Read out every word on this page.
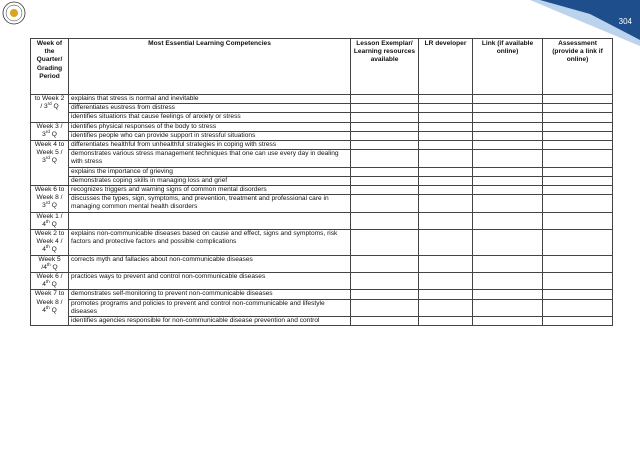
304
Week of the Quarter/ Grading Period	Most Essential Learning Competencies	Lesson Exemplar/ Learning resources available	LR developer	Link (if available online)	Assessment (provide a link if online)
to Week 2 / 3rd Q	explains that stress is normal and inevitable				
	differentiates eustress from distress				
	identifies situations that cause feelings of anxiety or stress				
Week 3 / 3rd Q	identifies physical responses of the body to stress				
	identifies people who can provide support in stressful situations				
Week 4 to Week 5 / 3rd Q	differentiates healthful from unhealthful strategies in coping with stress				
	demonstrates various stress management techniques that one can use every day in dealing with stress				
	explains the importance of grieving				
	demonstrates coping skills in managing loss and grief				
Week 6 to Week 8 / 3rd Q	recognizes triggers and warning signs of common mental disorders				
	discusses the types, sign, symptoms, and prevention, treatment and professional care in managing common mental health disorders				
Week 1 / 4th Q					
Week 2 to Week 4 / 4th Q	explains non-communicable diseases based on cause and effect, signs and symptoms, risk factors and protective factors and possible complications				
Week 5 /4th Q	corrects myth and fallacies about non-communicable diseases				
Week 6 / 4th Q	practices ways to prevent and control non-communicable diseases				
Week 7 to Week 8 / 4th Q	demonstrates self-monitoring to prevent non-communicable diseases				
	promotes programs and policies to prevent and control non-communicable and lifestyle diseases				
	identifies agencies responsible for non-communicable disease prevention and control				
